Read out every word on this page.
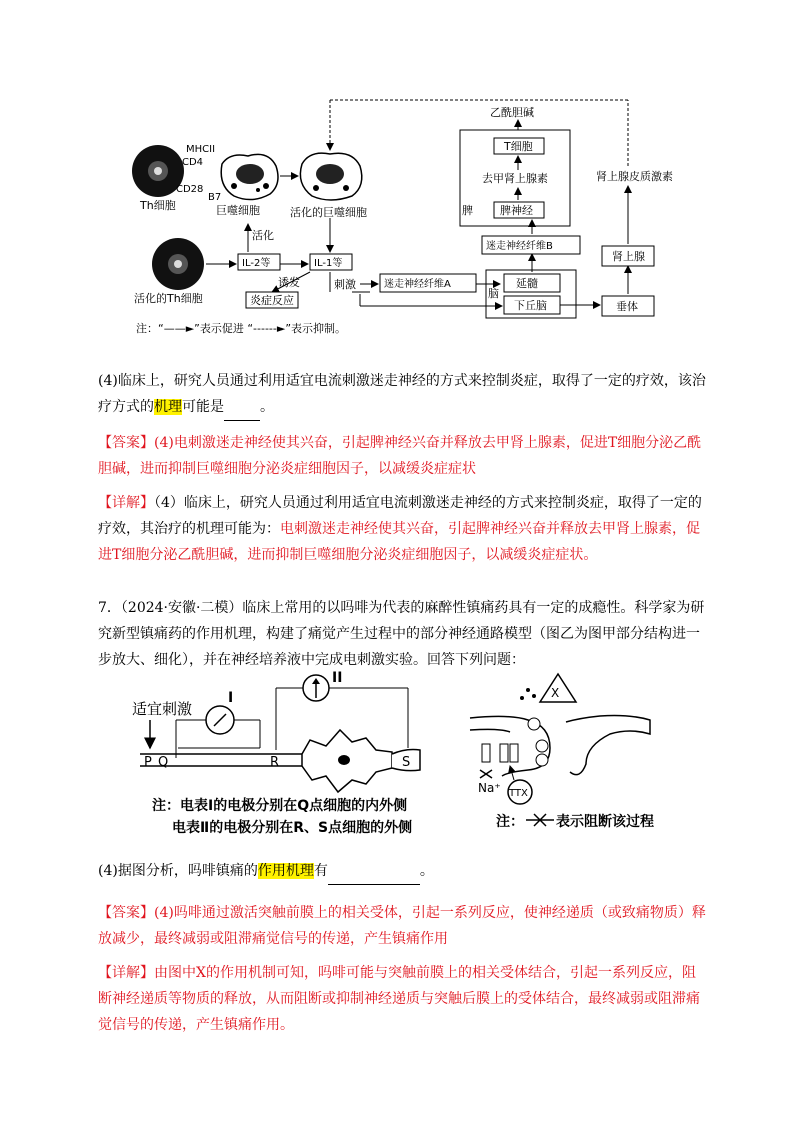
Th细胞
MHCII
CD4
CD28
B7
巨噬细胞	活化的巨噬细胞
活化的Th细胞
IL-2等
活化
IL-1等
诱发
炎症反应
刺激	迷走神经纤维A
脑
延髓
下丘脑	垂体
肾上腺
肾上腺皮质激素
迷走神经纤维B
脾 脾神经
去甲肾上腺素
T细胞
乙酰胆碱
注：“——►”表示促进 “------►”表示抑制。
(4)临床上，研究人员通过利用适宜电流刺激迷走神经的方式来控制炎症，取得了一定的疗效，该治疗方式的机理可能是	。
【答案】(4)电刺激迷走神经使其兴奋，引起脾神经兴奋并释放去甲肾上腺素，促进T细胞分泌乙酰胆碱，进而抑制巨噬细胞分泌炎症细胞因子，以减缓炎症症状
【详解】（4）临床上，研究人员通过利用适宜电流刺激迷走神经的方式来控制炎症，取得了一定的疗效，其治疗的机理可能为：电刺激迷走神经使其兴奋，引起脾神经兴奋并释放去甲肾上腺素，促进T细胞分泌乙酰胆碱，进而抑制巨噬细胞分泌炎症细胞因子，以减缓炎症症状。
7．（2024·安徽·二模）临床上常用的以吗啡为代表的麻醉性镇痛药具有一定的成瘾性。科学家为研究新型镇痛药的作用机理，构建了痛觉产生过程中的部分神经通路模型（图乙为图甲部分结构进一步放大、细化），并在神经培养液中完成电刺激实验。回答下列问题：
适宜刺激
I
II
P Q	R	S
注：电表Ⅰ的电极分别在Q点细胞的内外侧
电表Ⅱ的电极分别在R、S点细胞的外侧
X
Na⁺ TTX
注： 表示阻断该过程
(4)据图分析，吗啡镇痛的作用机理有	。
【答案】(4)吗啡通过激活突触前膜上的相关受体，引起一系列反应，使神经递质（或致痛物质）释放减少，最终减弱或阻滞痛觉信号的传递，产生镇痛作用
【详解】由图中X的作用机制可知，吗啡可能与突触前膜上的相关受体结合，引起一系列反应，阻断神经递质等物质的释放，从而阻断或抑制神经递质与突触后膜上的受体结合，最终减弱或阻滞痛觉信号的传递，产生镇痛作用。
